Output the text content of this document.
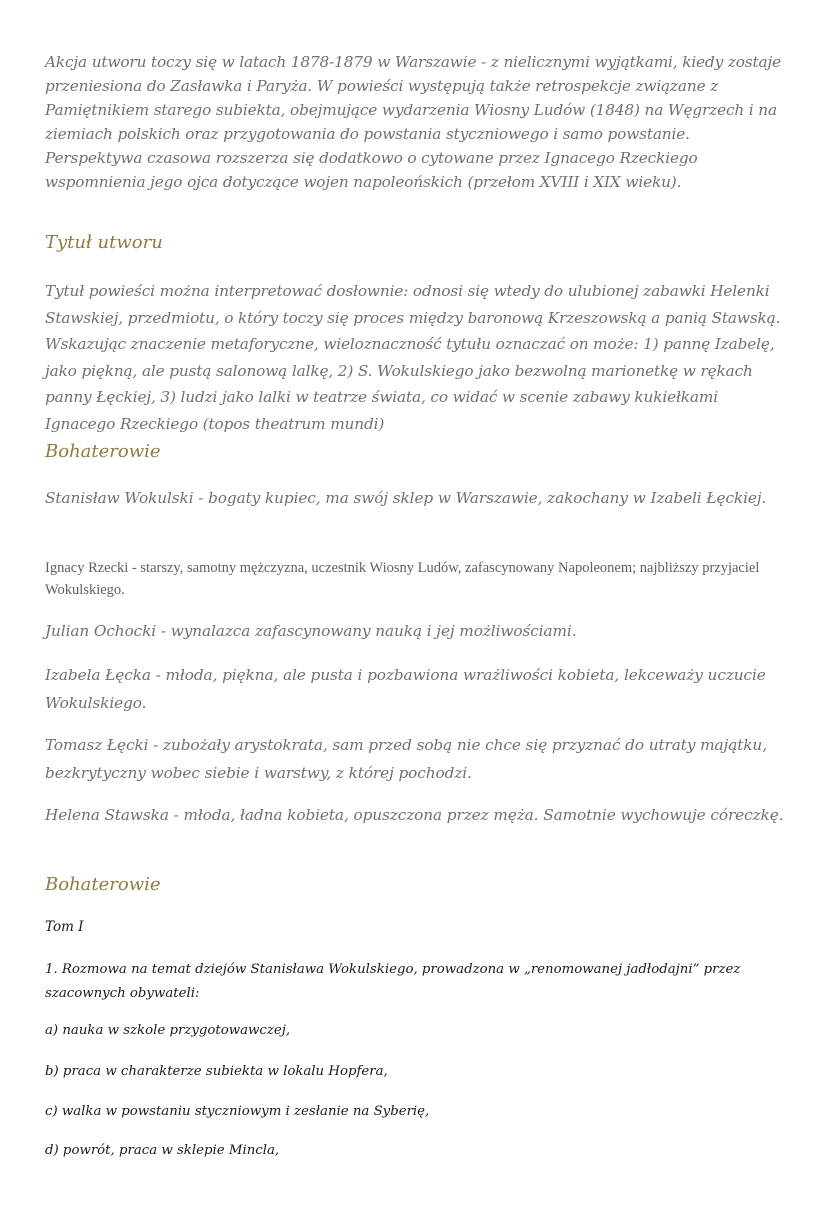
Akcja utworu toczy się w latach 1878-1879 w Warszawie - z nielicznymi wyjątkami, kiedy zostaje przeniesiona do Zasławka i Paryża. W powieści występują także retrospekcje związane z Pamiętnikiem starego subiekta, obejmujące wydarzenia Wiosny Ludów (1848) na Węgrzech i na ziemiach polskich oraz przygotowania do powstania styczniowego i samo powstanie. Perspektywa czasowa rozszerza się dodatkowo o cytowane przez Ignacego Rzeckiego wspomnienia jego ojca dotyczące wojen napoleońskich (przełom XVIII i XIX wieku).

Tytuł utworu

Tytuł powieści można interpretować dosłownie: odnosi się wtedy do ulubionej zabawki Helenki Stawskiej, przedmiotu, o który toczy się proces między baronową Krzeszowską a panią Stawską. Wskazując znaczenie metaforyczne, wieloznaczność tytułu oznaczać on może: 1) pannę Izabelę, jako piękną, ale pustą salonową lalkę, 2) S. Wokulskiego jako bezwolną marionetkę w rękach panny Łęckiej, 3) ludzi jako lalki w teatrze świata, co widać w scenie zabawy kukiełkami Ignacego Rzeckiego (topos theatrum mundi)

Bohaterowie

Stanisław Wokulski - bogaty kupiec, ma swój sklep w Warszawie, zakochany w Izabeli Łęckiej.

Ignacy Rzecki - starszy, samotny mężczyzna, uczestnik Wiosny Ludów, zafascynowany Napoleonem; najbliższy przyjaciel Wokulskiego.

Julian Ochocki - wynalazca zafascynowany nauką i jej możliwościami.

Izabela Łęcka - młoda, piękna, ale pusta i pozbawiona wrażliwości kobieta, lekceważy uczucie Wokulskiego.

Tomasz Łęcki - zubożały arystokrata, sam przed sobą nie chce się przyznać do utraty majątku, bezkrytyczny wobec siebie i warstwy, z której pochodzi.

Helena Stawska - młoda, ładna kobieta, opuszczona przez męża. Samotnie wychowuje córeczkę.

Bohaterowie
Tom I

1. Rozmowa na temat dziejów Stanisława Wokulskiego, prowadzona w „renomowanej jadłodajni” przez szacownych obywateli:

a) nauka w szkole przygotowawczej,

b) praca w charakterze subiekta w lokalu Hopfera,

c) walka w powstaniu styczniowym i zesłanie na Syberię,

d) powrót, praca w sklepie Mincla,
